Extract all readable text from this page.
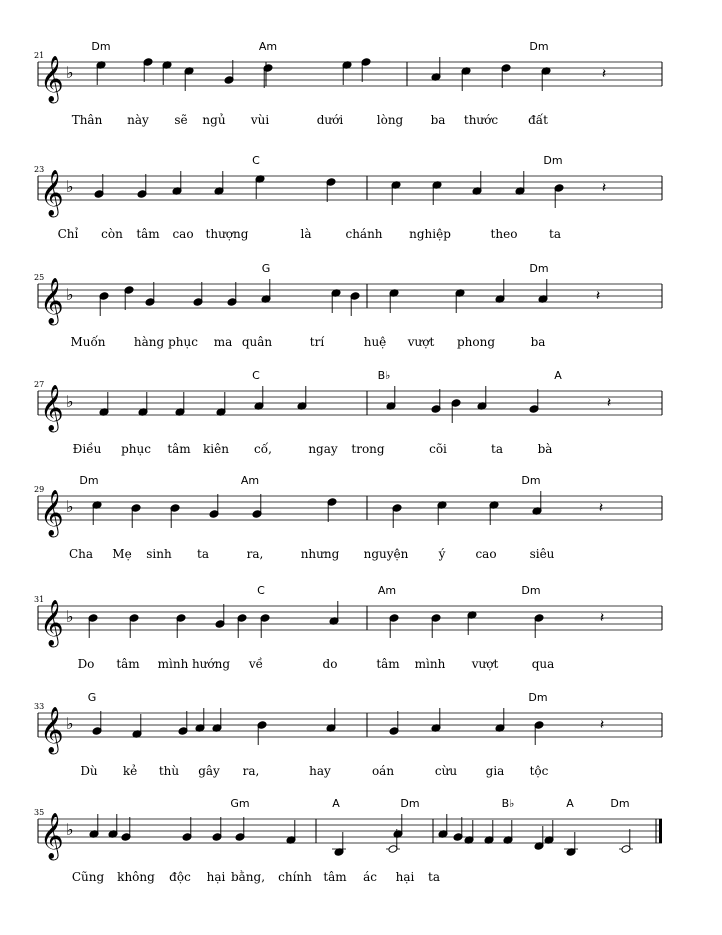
𝄞 ♭
21
Dm	Am	Dm
Thân này sẽ ngủ vùi	dưới	lòng ba thước đất
𝄽
𝄞 ♭
23
C	Dm
Chỉ còn tâm cao thượng	là	chánh nghiệp	theo	ta
𝄽
𝄞 ♭
25
G	Dm
Muốn hàng phục ma quân	trí	huệ vượt phong	ba
𝄽
𝄞 ♭
27
C	B♭	A
Điều phục tâm kiên cố,	ngay trong	cõi	ta	bà
𝄽
𝄞 ♭
29
Dm	Am	Dm
Cha Mẹ sinh ta	ra,	nhưng nguyện	ý	cao	siêu
𝄽
𝄞 ♭
31
C	Am	Dm
Do tâm mình hướng về	do	tâm mình vượt	qua
𝄽
𝄞 ♭
33
G	Dm
Dù kẻ thù gây ra,	hay	oán	cừu gia tộc
𝄽
𝄞 ♭
35
Gm	A	Dm	B♭	A	Dm
Cũng không độc hại bằng, chính tâm ác hại ta
